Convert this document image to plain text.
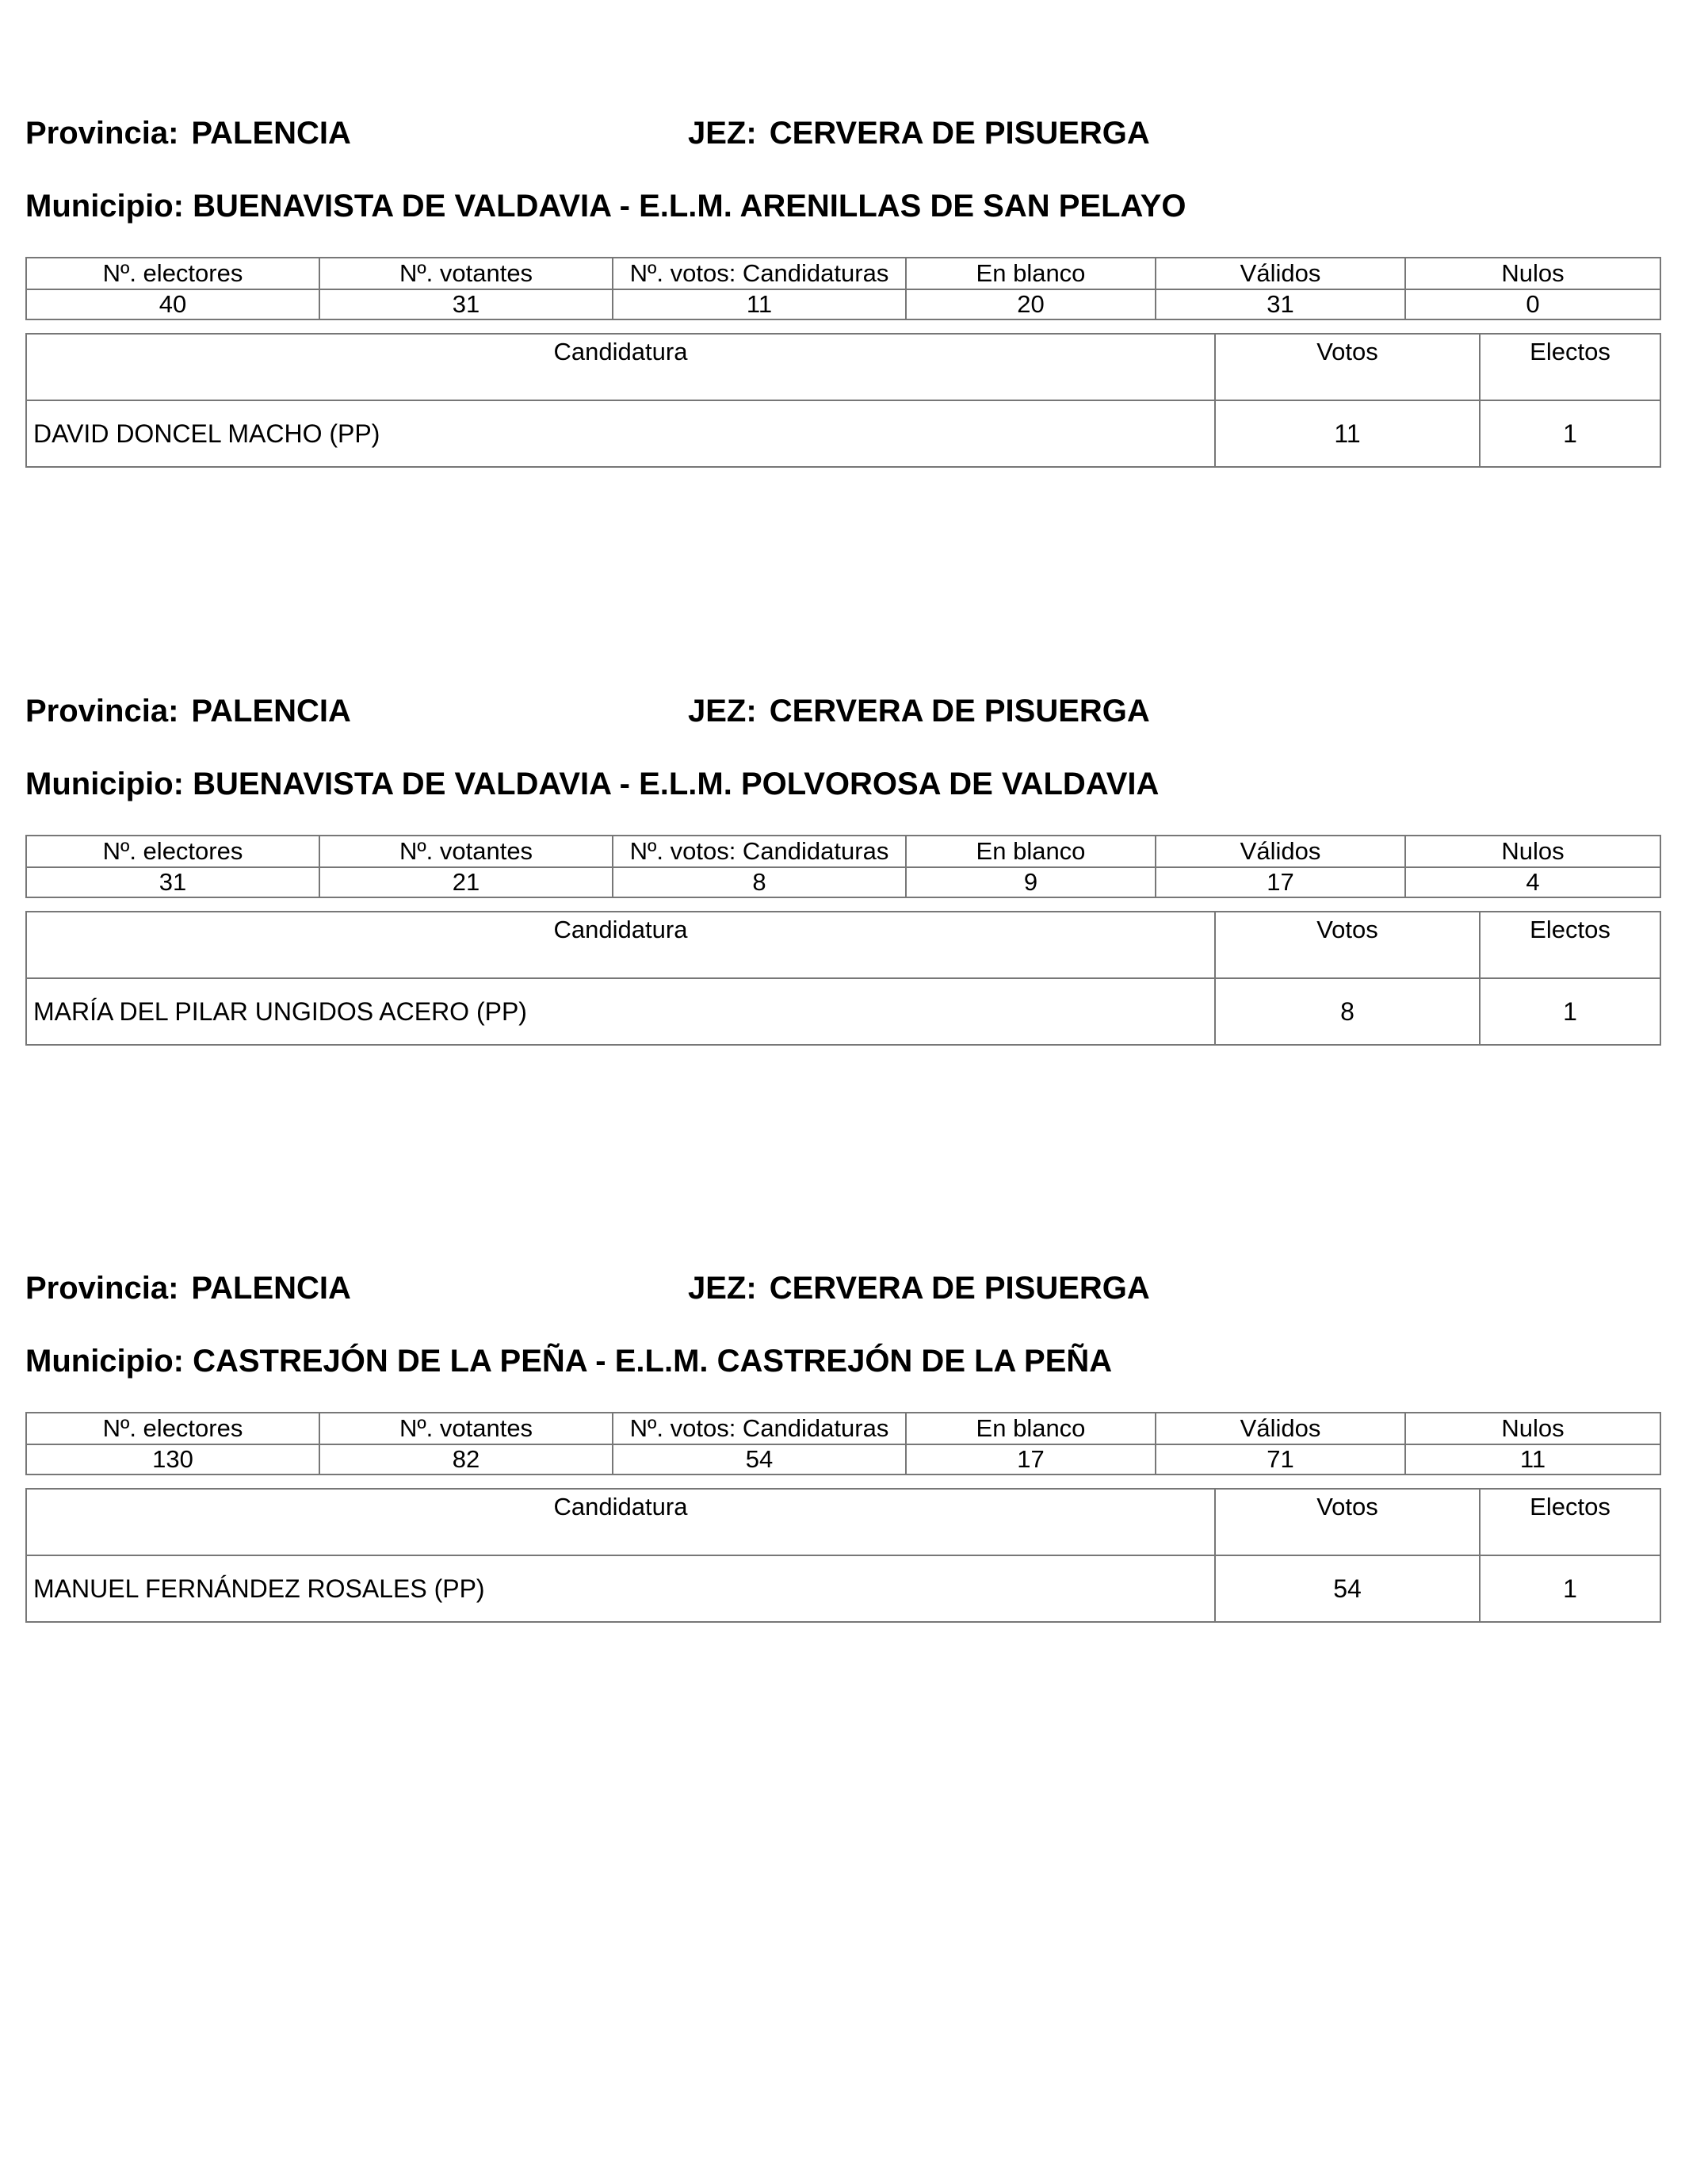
Provincia: PALENCIA	JEZ: CERVERA DE PISUERGA
Municipio: BUENAVISTA DE VALDAVIA - E.L.M. ARENILLAS DE SAN PELAYO
Nº. electores	Nº. votantes	Nº. votos: Candidaturas	En blanco	Válidos	Nulos
40	31	11	20	31	0
Candidatura	Votos	Electos
DAVID DONCEL MACHO (PP)	11	1
Provincia: PALENCIA	JEZ: CERVERA DE PISUERGA
Municipio: BUENAVISTA DE VALDAVIA - E.L.M. POLVOROSA DE VALDAVIA
Nº. electores	Nº. votantes	Nº. votos: Candidaturas	En blanco	Válidos	Nulos
31	21	8	9	17	4
Candidatura	Votos	Electos
MARÍA DEL PILAR UNGIDOS ACERO (PP)	8	1
Provincia: PALENCIA	JEZ: CERVERA DE PISUERGA
Municipio: CASTREJÓN DE LA PEÑA - E.L.M. CASTREJÓN DE LA PEÑA
Nº. electores	Nº. votantes	Nº. votos: Candidaturas	En blanco	Válidos	Nulos
130	82	54	17	71	11
Candidatura	Votos	Electos
MANUEL FERNÁNDEZ ROSALES (PP)	54	1
